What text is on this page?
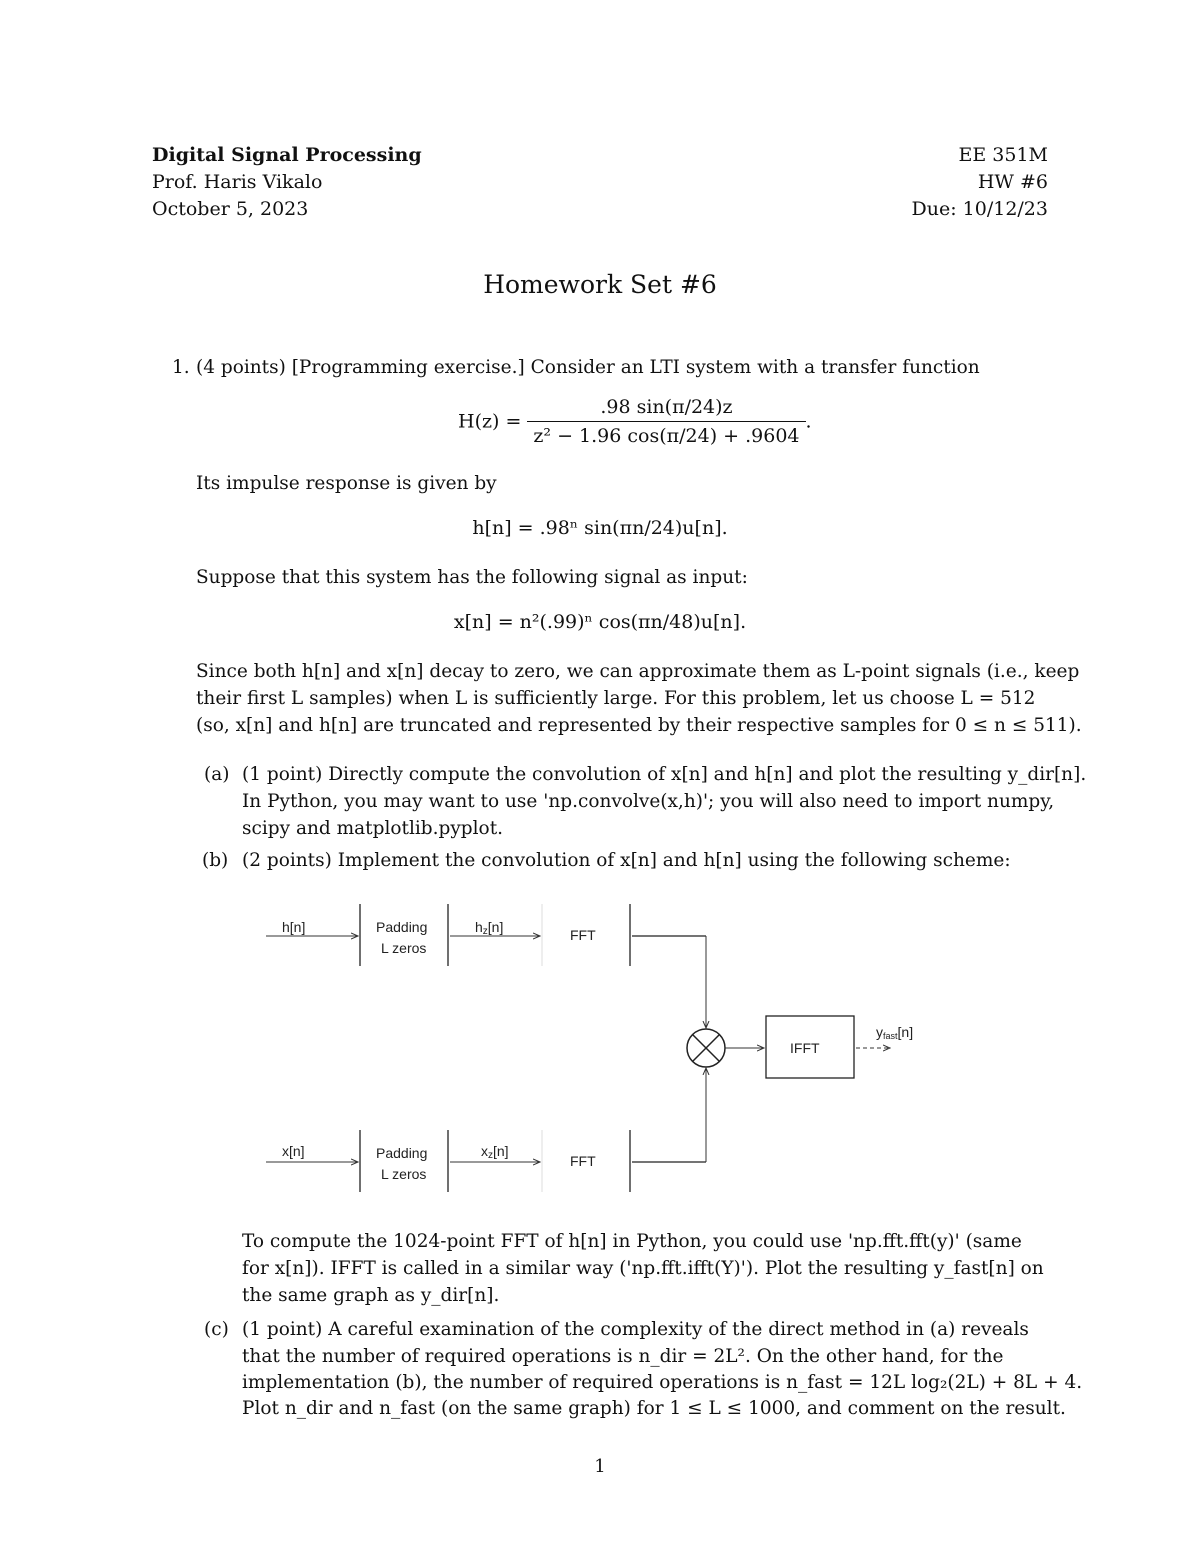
Digital Signal Processing
Prof. Haris Vikalo
October 5, 2023
EE 351M
HW #6
Due: 10/12/23
Homework Set #6
1. (4 points) [Programming exercise.] Consider an LTI system with a transfer function
$H(z) = \frac{.98 \sin(\pi/24)z}{\text{z² − 1.96 cos(π/24) + .9604}}$ .
Its impulse response is given by
h[n] = .98ⁿ sin(πn/24)u[n].
Suppose that this system has the following signal as input:
x[n] = n²(.99)ⁿ cos(πn/48)u[n].
Since both h[n] and x[n] decay to zero, we can approximate them as L-point signals (i.e., keep
their first L samples) when L is sufficiently large. For this problem, let us choose L = 512
(so, x[n] and h[n] are truncated and represented by their respective samples for 0 ≤ n ≤ 511).
(a) (1 point) Directly compute the convolution of x[n] and h[n] and plot the resulting y_dir[n].
In Python, you may want to use 'np.convolve(x,h)'; you will also need to import numpy,
scipy and matplotlib.pyplot.
(b) (2 points) Implement the convolution of x[n] and h[n] using the following scheme:
h[n]	Padding
L zeros
hz[n]	FFT
IFFT
yfast[n]
x[n]	Padding
L zeros
xz[n]
FFT
To compute the 1024-point FFT of h[n] in Python, you could use 'np.fft.fft(y)' (same
for x[n]). IFFT is called in a similar way ('np.fft.ifft(Y)'). Plot the resulting y_fast[n] on
the same graph as y_dir[n].
(c) (1 point) A careful examination of the complexity of the direct method in (a) reveals
that the number of required operations is n_dir = 2L². On the other hand, for the
implementation (b), the number of required operations is n_fast = 12L log₂(2L) + 8L + 4.
Plot n_dir and n_fast (on the same graph) for 1 ≤ L ≤ 1000, and comment on the result.
1
